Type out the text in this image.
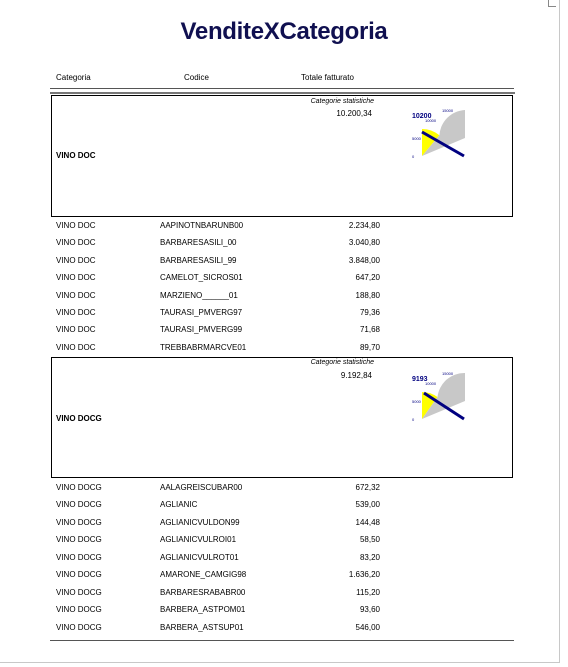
VenditeXCategoria
Categoria	Codice	Totale fatturato
VINO DOC
Categorie statistiche
10.200,34	10200
15000
10000
5000
0
VINO DOC	AAPINOTNBARUNB00	2.234,80
VINO DOC	BARBARESASILI_00	3.040,80
VINO DOC	BARBARESASILI_99	3.848,00
VINO DOC	CAMELOT_SICROS01	647,20
VINO DOC	MARZIENO______01	188,80
VINO DOC	TAURASI_PMVERG97	79,36
VINO DOC	TAURASI_PMVERG99	71,68
VINO DOC	TREBBABRMARCVE01	89,70
VINO DOCG
Categorie statistiche
9.192,84	9193
15000
10000
5000
0
VINO DOCG	AALAGREISCUBAR00	672,32
VINO DOCG	AGLIANIC	539,00
VINO DOCG	AGLIANICVULDON99	144,48
VINO DOCG	AGLIANICVULROI01	58,50
VINO DOCG	AGLIANICVULROT01	83,20
VINO DOCG	AMARONE_CAMGIG98	1.636,20
VINO DOCG	BARBARESRABABR00	115,20
VINO DOCG	BARBERA_ASTPOM01	93,60
VINO DOCG	BARBERA_ASTSUP01	546,00
